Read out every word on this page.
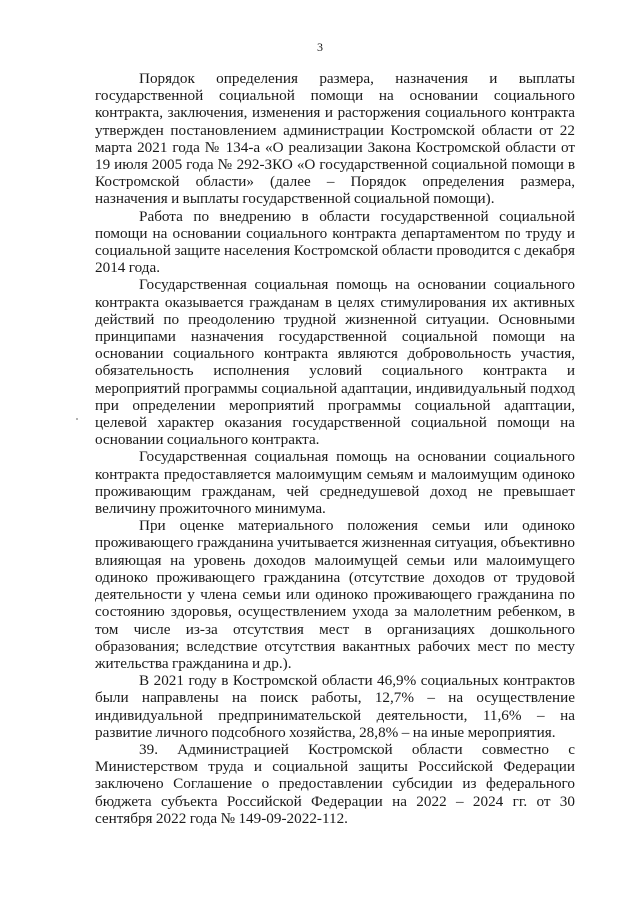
3

Порядок определения размера, назначения и выплаты государственной социальной помощи на основании социального контракта, заключения, изменения и расторжения социального контракта утвержден постановлением администрации Костромской области от 22 марта 2021 года № 134-а «О реализации Закона Костромской области от 19 июля 2005 года № 292-ЗКО «О государственной социальной помощи в Костромской области» (далее – Порядок определения размера, назначения и выплаты государственной социальной помощи).

Работа по внедрению в области государственной социальной помощи на основании социального контракта департаментом по труду и социальной защите населения Костромской области проводится с декабря 2014 года.

Государственная социальная помощь на основании социального контракта оказывается гражданам в целях стимулирования их активных действий по преодолению трудной жизненной ситуации. Основными принципами назначения государственной социальной помощи на основании социального контракта являются добровольность участия, обязательность исполнения условий социального контракта и мероприятий программы социальной адаптации, индивидуальный подход при определении мероприятий программы социальной адаптации, целевой характер оказания государственной социальной помощи на основании социального контракта.

Государственная социальная помощь на основании социального контракта предоставляется малоимущим семьям и малоимущим одиноко проживающим гражданам, чей среднедушевой доход не превышает величину прожиточного минимума.

При оценке материального положения семьи или одиноко проживающего гражданина учитывается жизненная ситуация, объективно влияющая на уровень доходов малоимущей семьи или малоимущего одиноко проживающего гражданина (отсутствие доходов от трудовой деятельности у члена семьи или одиноко проживающего гражданина по состоянию здоровья, осуществлением ухода за малолетним ребенком, в том числе из-за отсутствия мест в организациях дошкольного образования; вследствие отсутствия вакантных рабочих мест по месту жительства гражданина и др.).

В 2021 году в Костромской области 46,9% социальных контрактов были направлены на поиск работы, 12,7% – на осуществление индивидуальной предпринимательской деятельности, 11,6% – на развитие личного подсобного хозяйства, 28,8% – на иные мероприятия.

39. Администрацией Костромской области совместно с Министерством труда и социальной защиты Российской Федерации заключено Соглашение о предоставлении субсидии из федерального бюджета субъекта Российской Федерации на 2022 – 2024 гг. от 30 сентября 2022 года № 149-09-2022-112.
